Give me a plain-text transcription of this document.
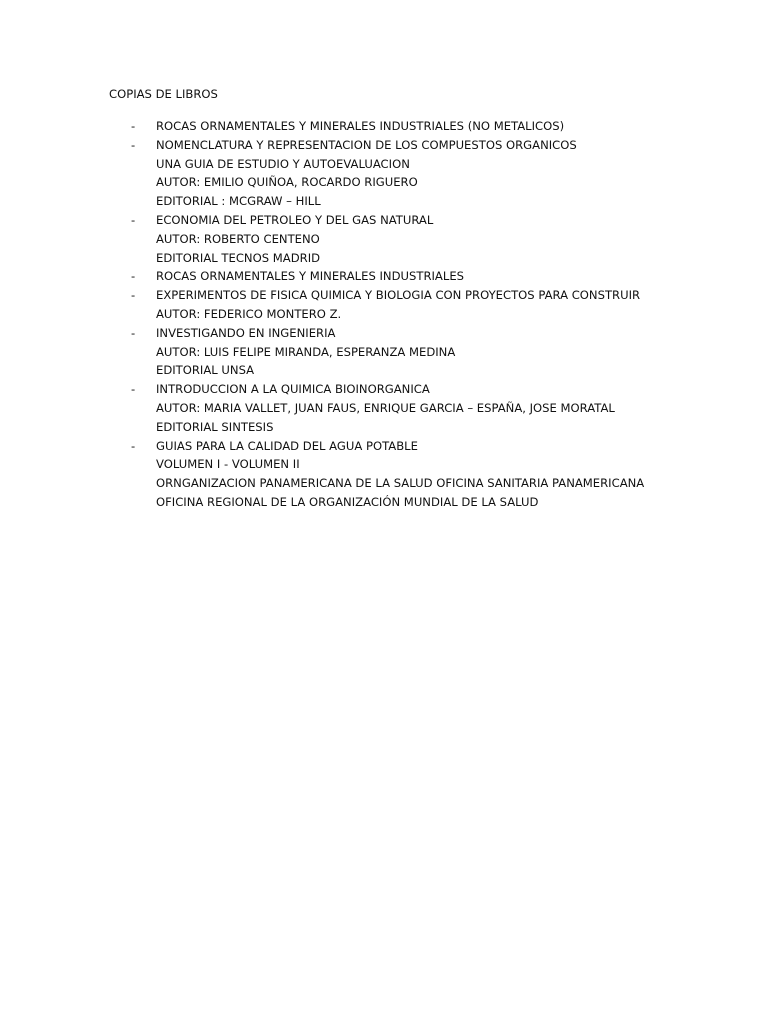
COPIAS DE LIBROS
- ROCAS ORNAMENTALES Y MINERALES INDUSTRIALES (NO METALICOS)
- NOMENCLATURA Y REPRESENTACION DE LOS COMPUESTOS ORGANICOS
UNA GUIA DE ESTUDIO Y AUTOEVALUACION
AUTOR: EMILIO QUIÑOA, ROCARDO RIGUERO
EDITORIAL : MCGRAW – HILL
- ECONOMIA DEL PETROLEO Y DEL GAS NATURAL
AUTOR: ROBERTO CENTENO
EDITORIAL TECNOS MADRID
- ROCAS ORNAMENTALES Y MINERALES INDUSTRIALES
- EXPERIMENTOS DE FISICA QUIMICA Y BIOLOGIA CON PROYECTOS PARA CONSTRUIR
AUTOR: FEDERICO MONTERO Z.
- INVESTIGANDO EN INGENIERIA
AUTOR: LUIS FELIPE MIRANDA, ESPERANZA MEDINA
EDITORIAL UNSA
- INTRODUCCION A LA QUIMICA BIOINORGANICA
AUTOR: MARIA VALLET, JUAN FAUS, ENRIQUE GARCIA – ESPAÑA, JOSE MORATAL
EDITORIAL SINTESIS
- GUIAS PARA LA CALIDAD DEL AGUA POTABLE
VOLUMEN I - VOLUMEN II
ORNGANIZACION PANAMERICANA DE LA SALUD OFICINA SANITARIA PANAMERICANA
OFICINA REGIONAL DE LA ORGANIZACIÓN MUNDIAL DE LA SALUD
